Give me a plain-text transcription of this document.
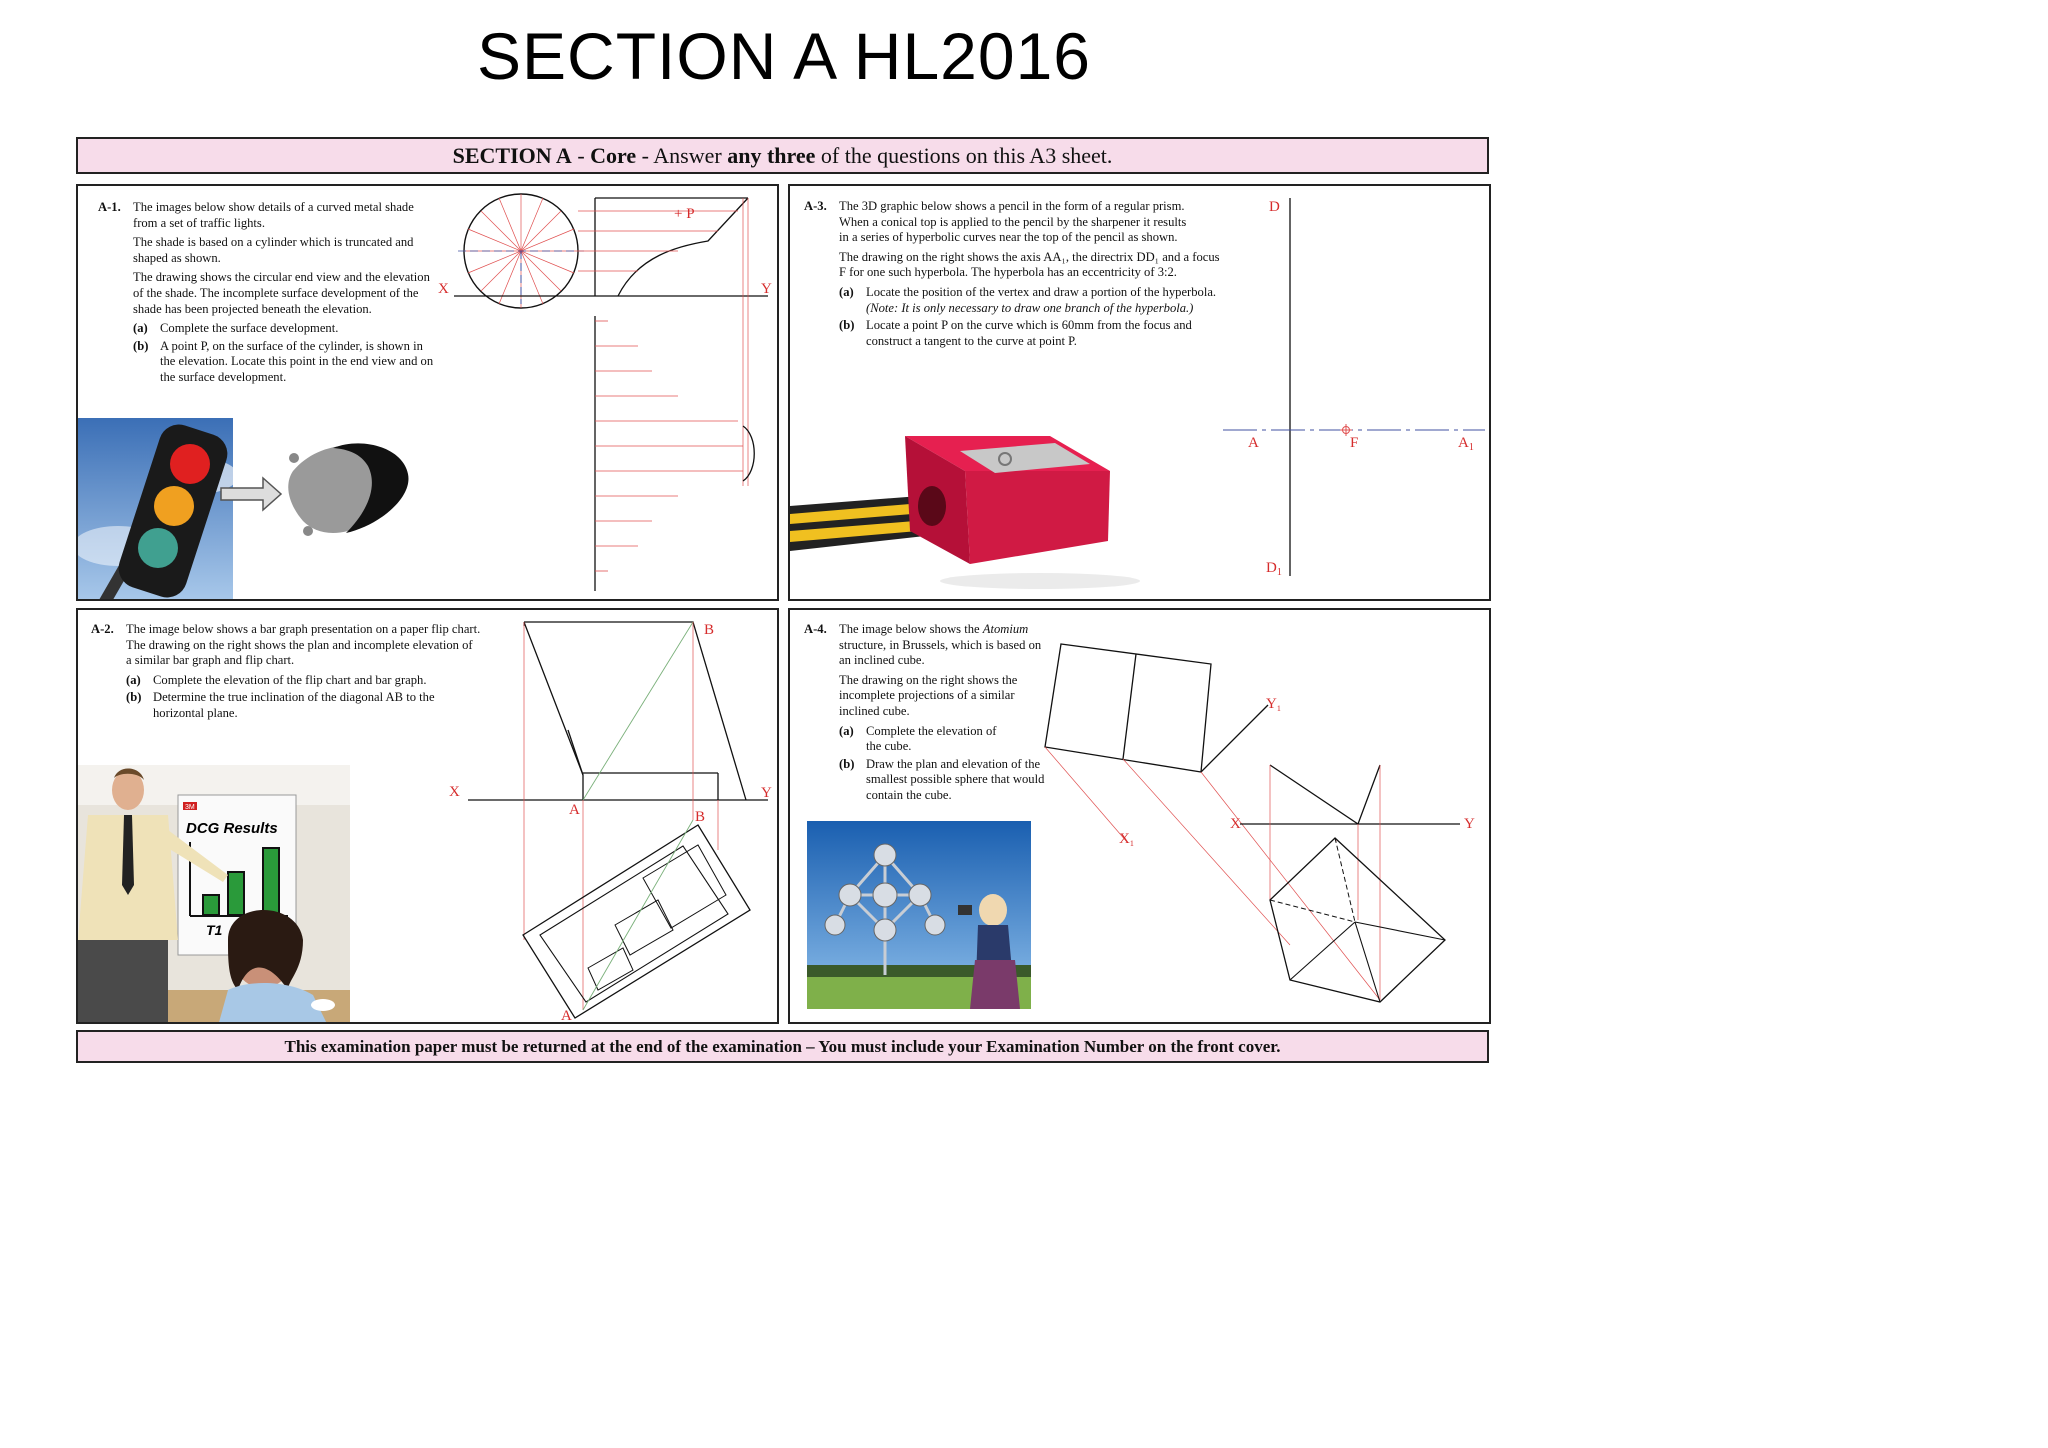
SECTION A HL2016
SECTION A - Core - Answer any three of the questions on this A3 sheet.
A-1. The images below show details of a curved metal shade from a set of traffic lights.

The shade is based on a cylinder which is truncated and shaped as shown.

The drawing shows the circular end view and the elevation of the shade. The incomplete surface development of the shade has been projected beneath the elevation.

(a) Complete the surface development.
(b) A point P, on the surface of the cylinder, is shown in the elevation. Locate this point in the end view and on the surface development.
X	Y
+ P	A-3. The 3D graphic below shows a pencil in the form of a regular prism. When a conical top is applied to the pencil by the sharpener it results in a series of hyperbolic curves near the top of the pencil as shown.

The drawing on the right shows the axis AA₁, the directrix DD₁ and a focus F for one such hyperbola. The hyperbola has an eccentricity of 3:2.

(a) Locate the position of the vertex and draw a portion of the hyperbola.
(Note: It is only necessary to draw one branch of the hyperbola.)
(b) Locate a point P on the curve which is 60mm from the focus and construct a tangent to the curve at point P.
D
$D_1$
A	$A_1$
F
A-2. The image below shows a bar graph presentation on a paper flip chart. The drawing on the right shows the plan and incomplete elevation of a similar bar graph and flip chart.

(a) Complete the elevation of the flip chart and bar graph.
(b) Determine the true inclination of the diagonal AB to the horizontal plane.
3M
DCG Results
T1
X	Y
B
A	B
A
A-4. The image below shows the Atomium structure, in Brussels, which is based on an inclined cube.

The drawing on the right shows the incomplete projections of a similar inclined cube.

(a) Complete the elevation of the cube.
(b) Draw the plan and elevation of the smallest possible sphere that would contain the cube.
$Y_1$
$X_1$
X	Y
This examination paper must be returned at the end of the examination – You must include your Examination Number on the front cover.
